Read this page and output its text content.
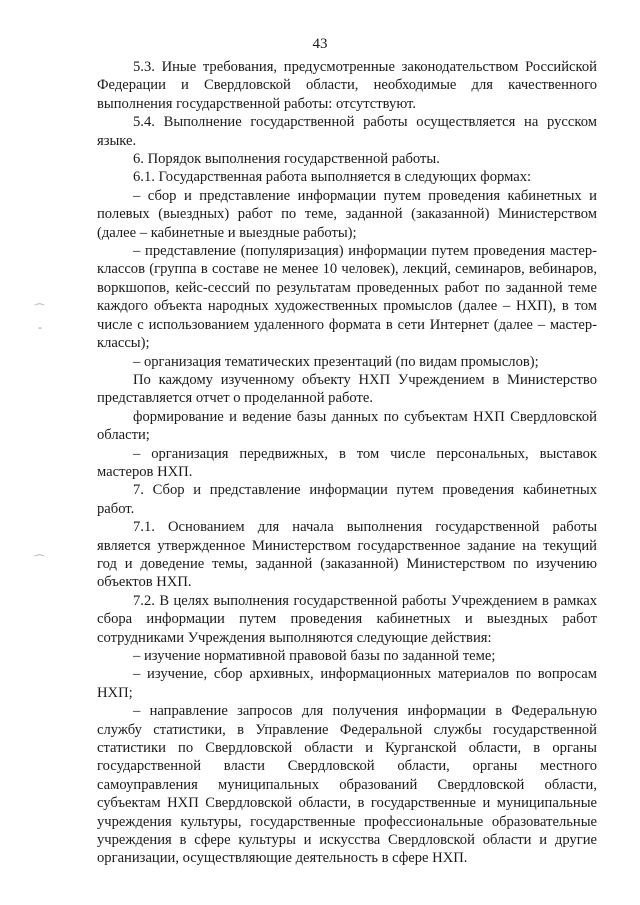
43
⌒
-
⌒

5.3. Иные требования, предусмотренные законодательством Российской Федерации и Свердловской области, необходимые для качественного выполнения государственной работы: отсутствуют.

5.4. Выполнение государственной работы осуществляется на русском языке.

6. Порядок выполнения государственной работы.

6.1. Государственная работа выполняется в следующих формах:

– сбор и представление информации путем проведения кабинетных и полевых (выездных) работ по теме, заданной (заказанной) Министерством (далее – кабинетные и выездные работы);

– представление (популяризация) информации путем проведения мастер-классов (группа в составе не менее 10 человек), лекций, семинаров, вебинаров, воркшопов, кейс-сессий по результатам проведенных работ по заданной теме каждого объекта народных художественных промыслов (далее – НХП), в том числе с использованием удаленного формата в сети Интернет (далее – мастер-классы);

– организация тематических презентаций (по видам промыслов);

По каждому изученному объекту НХП Учреждением в Министерство представляется отчет о проделанной работе.

формирование и ведение базы данных по субъектам НХП Свердловской области;

– организация передвижных, в том числе персональных, выставок мастеров НХП.

7. Сбор и представление информации путем проведения кабинетных работ.

7.1. Основанием для начала выполнения государственной работы является утвержденное Министерством государственное задание на текущий год и доведение темы, заданной (заказанной) Министерством по изучению объектов НХП.

7.2. В целях выполнения государственной работы Учреждением в рамках сбора информации путем проведения кабинетных и выездных работ сотрудниками Учреждения выполняются следующие действия:

– изучение нормативной правовой базы по заданной теме;

– изучение, сбор архивных, информационных материалов по вопросам НХП;

– направление запросов для получения информации в Федеральную службу статистики, в Управление Федеральной службы государственной статистики по Свердловской области и Курганской области, в органы государственной власти Свердловской области, органы местного самоуправления муниципальных образований Свердловской области, субъектам НХП Свердловской области, в государственные и муниципальные учреждения культуры, государственные профессиональные образовательные учреждения в сфере культуры и искусства Свердловской области и другие организации, осуществляющие деятельность в сфере НХП.
